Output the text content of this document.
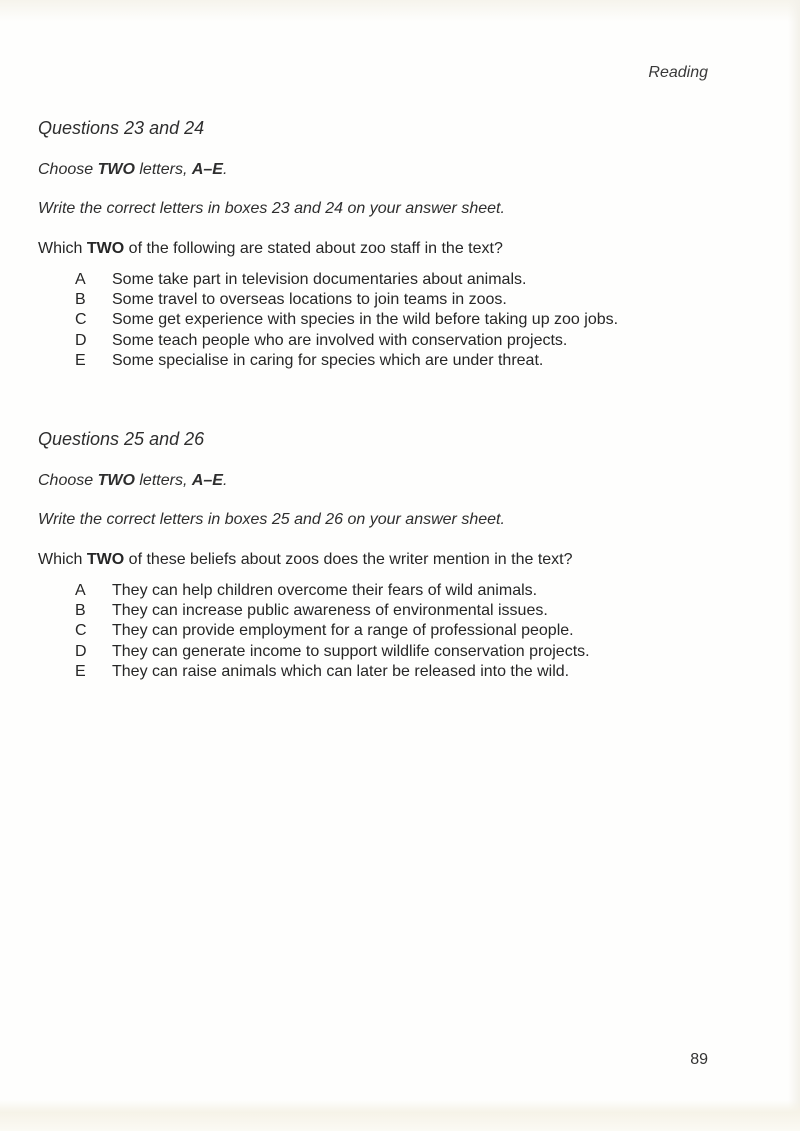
Reading
Questions 23 and 24
Choose TWO letters, A–E.
Write the correct letters in boxes 23 and 24 on your answer sheet.
Which TWO of the following are stated about zoo staff in the text?
A	Some take part in television documentaries about animals.
B	Some travel to overseas locations to join teams in zoos.
C	Some get experience with species in the wild before taking up zoo jobs.
D	Some teach people who are involved with conservation projects.
E	Some specialise in caring for species which are under threat.
Questions 25 and 26
Choose TWO letters, A–E.
Write the correct letters in boxes 25 and 26 on your answer sheet.
Which TWO of these beliefs about zoos does the writer mention in the text?
A	They can help children overcome their fears of wild animals.
B	They can increase public awareness of environmental issues.
C	They can provide employment for a range of professional people.
D	They can generate income to support wildlife conservation projects.
E	They can raise animals which can later be released into the wild.
89
